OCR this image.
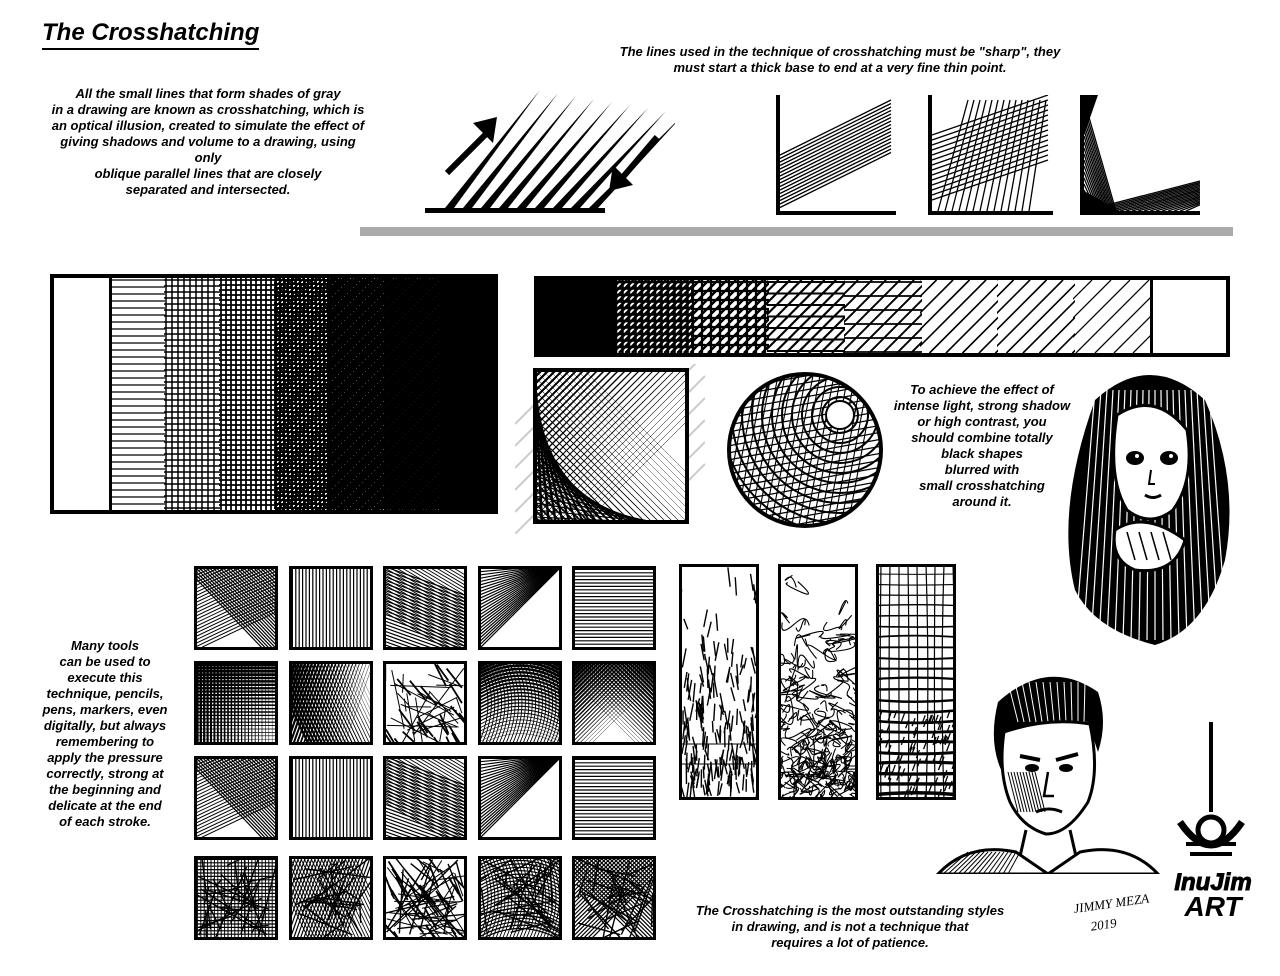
The Crosshatching
All the small lines that form shades of gray
in a drawing are known as crosshatching, which is
an optical illusion, created to simulate the effect of
giving shadows and volume to a drawing, using only
oblique parallel lines that are closely
separated and intersected.
The lines used in the technique of crosshatching must be "sharp", they
must start a thick base to end at a very fine thin point.
To achieve the effect of
intense light, strong shadow
or high contrast, you
should combine totally
black shapes
blurred with
small crosshatching
around it.
Many tools
can be used to
execute this
technique, pencils,
pens, markers, even
digitally, but always
remembering to
apply the pressure
correctly, strong at
the beginning and
delicate at the end
of each stroke.
InuJim
ART
JIMMY MEZA
2019
The Crosshatching is the most outstanding styles
in drawing, and is not a technique that
requires a lot of patience.
